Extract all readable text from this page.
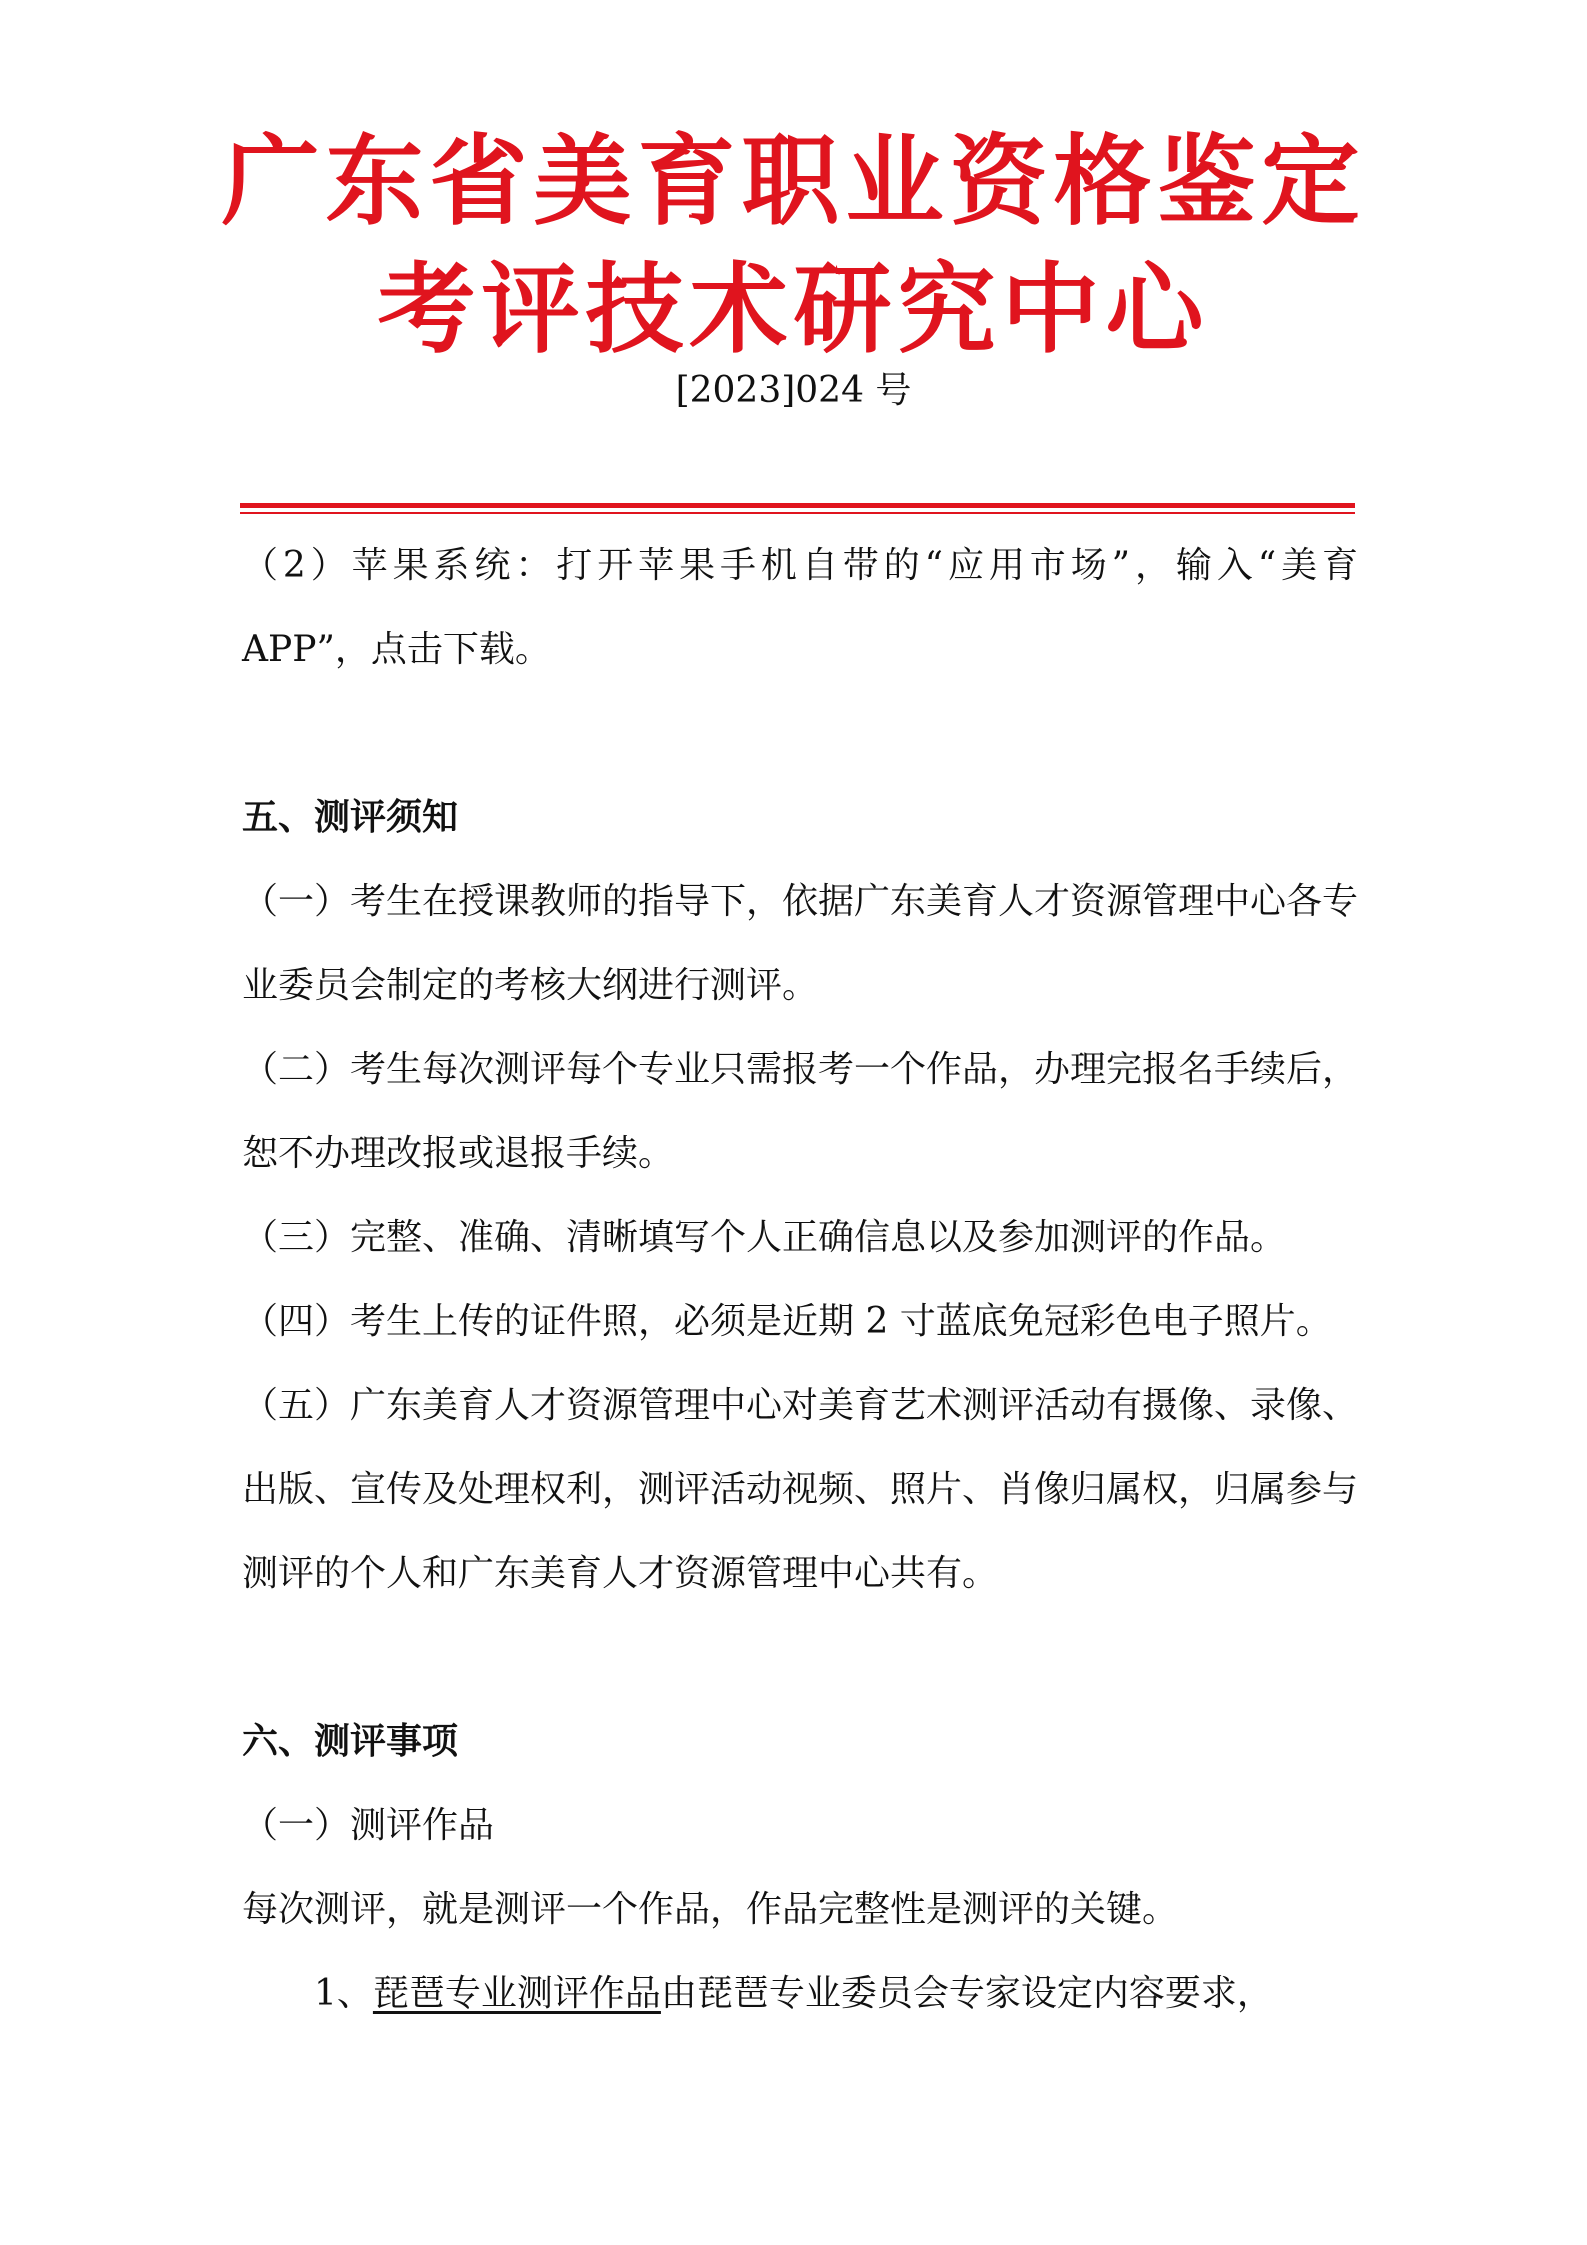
广东省美育职业资格鉴定
考评技术研究中心
[2023]024 号

（2）苹果系统：打开苹果手机自带的“应用市场”，输入“美育 APP”，点击下载。

五、测评须知

（一）考生在授课教师的指导下，依据广东美育人才资源管理中心各专业委员会制定的考核大纲进行测评。

（二）考生每次测评每个专业只需报考一个作品，办理完报名手续后，恕不办理改报或退报手续。

（三）完整、准确、清晰填写个人正确信息以及参加测评的作品。

（四）考生上传的证件照，必须是近期 2 寸蓝底免冠彩色电子照片。

（五）广东美育人才资源管理中心对美育艺术测评活动有摄像、录像、出版、宣传及处理权利，测评活动视频、照片、肖像归属权，归属参与测评的个人和广东美育人才资源管理中心共有。

六、测评事项

（一）测评作品

每次测评，就是测评一个作品，作品完整性是测评的关键。

1、琵琶专业测评作品由琵琶专业委员会专家设定内容要求，
